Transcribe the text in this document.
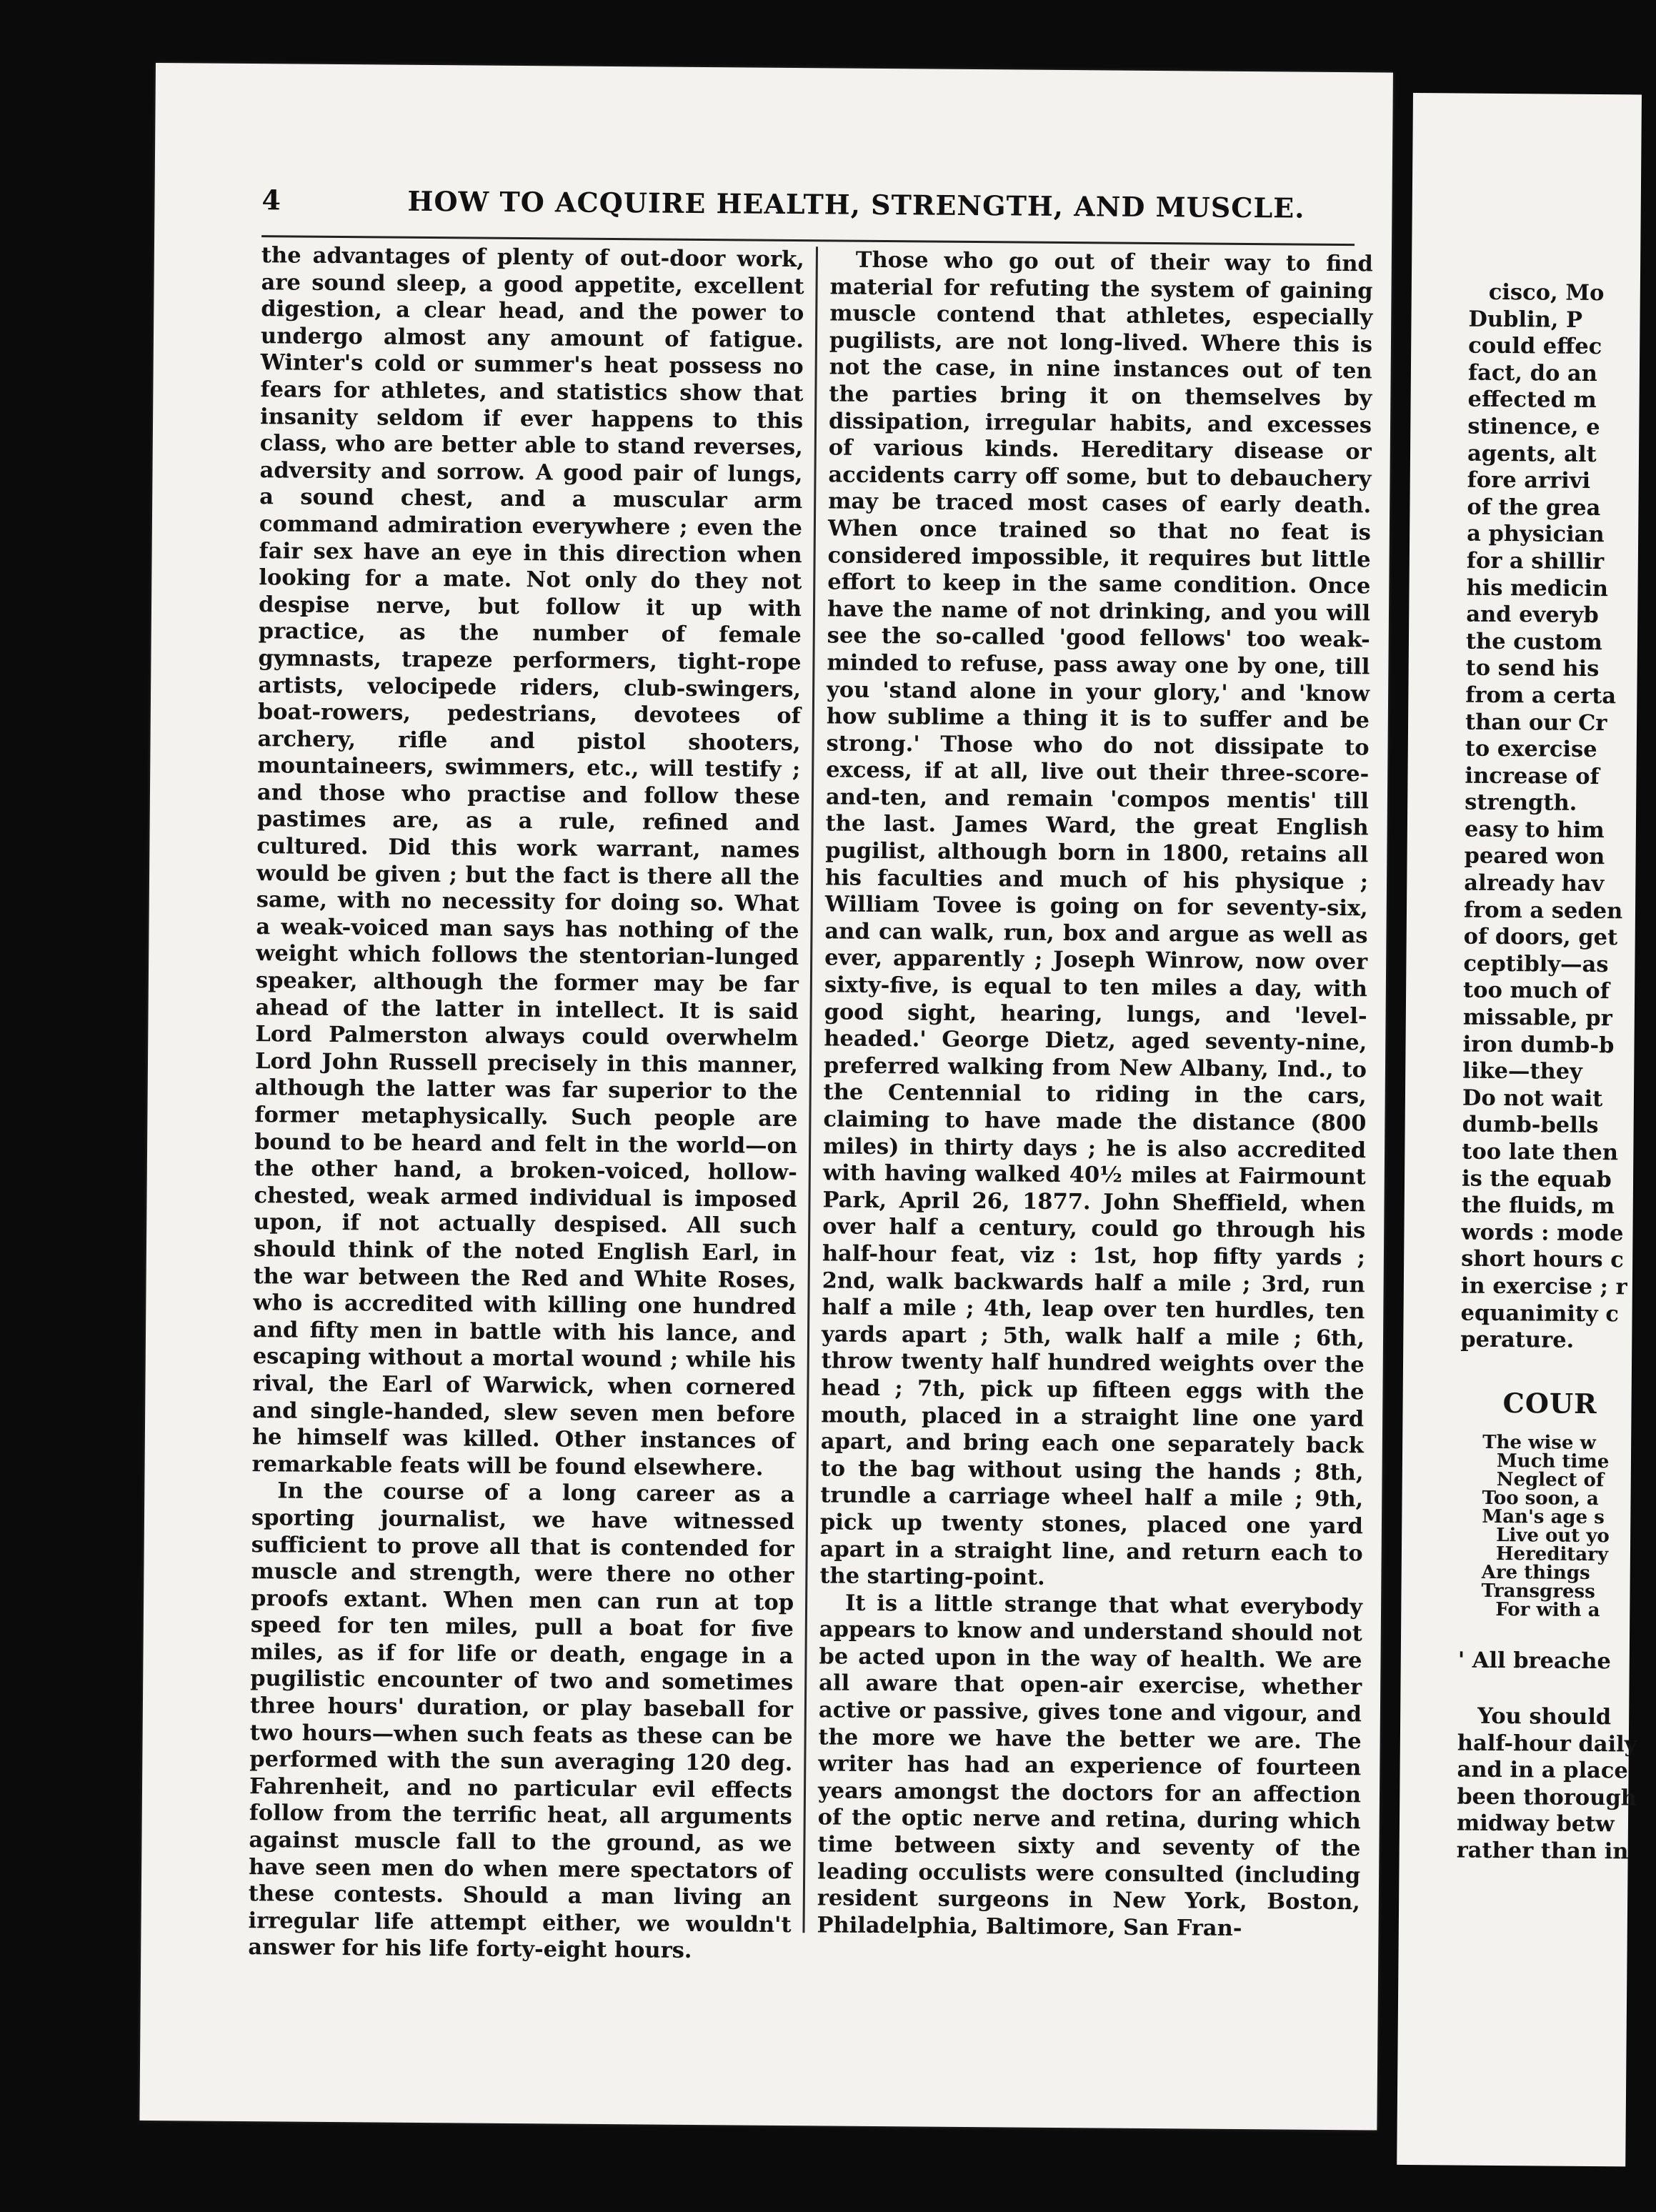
4	HOW TO ACQUIRE HEALTH, STRENGTH, AND MUSCLE.

the advantages of plenty of out-door work, are sound sleep, a good appetite, excellent digestion, a clear head, and the power to undergo almost any amount of fatigue. Winter's cold or summer's heat possess no fears for athletes, and statistics show that insanity seldom if ever happens to this class, who are better able to stand reverses, adversity and sorrow. A good pair of lungs, a sound chest, and a muscular arm command admiration everywhere ; even the fair sex have an eye in this direction when looking for a mate. Not only do they not despise nerve, but follow it up with practice, as the number of female gymnasts, trapeze performers, tight-rope artists, velocipede riders, club-swingers, boat-rowers, pedestrians, devotees of archery, rifle and pistol shooters, mountaineers, swimmers, etc., will testify ; and those who practise and follow these pastimes are, as a rule, refined and cultured. Did this work warrant, names would be given ; but the fact is there all the same, with no necessity for doing so. What a weak-voiced man says has nothing of the weight which follows the stentorian-lunged speaker, although the former may be far ahead of the latter in intellect. It is said Lord Palmerston always could overwhelm Lord John Russell precisely in this manner, although the latter was far superior to the former metaphysically. Such people are bound to be heard and felt in the world—on the other hand, a broken-voiced, hollow-chested, weak armed individual is imposed upon, if not actually despised. All such should think of the noted English Earl, in the war between the Red and White Roses, who is accredited with killing one hundred and fifty men in battle with his lance, and escaping without a mortal wound ; while his rival, the Earl of Warwick, when cornered and single-handed, slew seven men before he himself was killed. Other instances of remarkable feats will be found elsewhere.

In the course of a long career as a sporting journalist, we have witnessed sufficient to prove all that is contended for muscle and strength, were there no other proofs extant. When men can run at top speed for ten miles, pull a boat for five miles, as if for life or death, engage in a pugilistic encounter of two and sometimes three hours' duration, or play baseball for two hours—when such feats as these can be performed with the sun averaging 120 deg. Fahrenheit, and no particular evil effects follow from the terrific heat, all arguments against muscle fall to the ground, as we have seen men do when mere spectators of these contests. Should a man living an irregular life attempt either, we wouldn't answer for his life forty-eight hours.

Those who go out of their way to find material for refuting the system of gaining muscle contend that athletes, especially pugilists, are not long-lived. Where this is not the case, in nine instances out of ten the parties bring it on themselves by dissipation, irregular habits, and excesses of various kinds. Hereditary disease or accidents carry off some, but to debauchery may be traced most cases of early death. When once trained so that no feat is considered impossible, it requires but little effort to keep in the same condition. Once have the name of not drinking, and you will see the so-called 'good fellows' too weak-minded to refuse, pass away one by one, till you 'stand alone in your glory,' and 'know how sublime a thing it is to suffer and be strong.' Those who do not dissipate to excess, if at all, live out their three-score-and-ten, and remain 'compos mentis' till the last. James Ward, the great English pugilist, although born in 1800, retains all his faculties and much of his physique ; William Tovee is going on for seventy-six, and can walk, run, box and argue as well as ever, apparently ; Joseph Winrow, now over sixty-five, is equal to ten miles a day, with good sight, hearing, lungs, and 'level-headed.' George Dietz, aged seventy-nine, preferred walking from New Albany, Ind., to the Centennial to riding in the cars, claiming to have made the distance (800 miles) in thirty days ; he is also accredited with having walked 40½ miles at Fairmount Park, April 26, 1877. John Sheffield, when over half a century, could go through his half-hour feat, viz : 1st, hop fifty yards ; 2nd, walk backwards half a mile ; 3rd, run half a mile ; 4th, leap over ten hurdles, ten yards apart ; 5th, walk half a mile ; 6th, throw twenty half hundred weights over the head ; 7th, pick up fifteen eggs with the mouth, placed in a straight line one yard apart, and bring each one separately back to the bag without using the hands ; 8th, trundle a carriage wheel half a mile ; 9th, pick up twenty stones, placed one yard apart in a straight line, and return each to the starting-point.

It is a little strange that what everybody appears to know and understand should not be acted upon in the way of health. We are all aware that open-air exercise, whether active or passive, gives tone and vigour, and the more we have the better we are. The writer has had an experience of fourteen years amongst the doctors for an affection of the optic nerve and retina, during which time between sixty and seventy of the leading occulists were consulted (including resident surgeons in New York, Boston, Philadelphia, Baltimore, San Fran-

cisco, Mo
Dublin, P
could effec
fact, do an
effected m
stinence, e
agents, alt
fore arrivi
of the grea
a physician
for a shillir
his medicin
and everyb
the custom
to send his
from a certa
than our Cr
to exercise
increase of
strength.
easy to him
peared won
already hav
from a seden
of doors, get
ceptibly—as
too much of
missable, pr
iron dumb-b
like—they
Do not wait
dumb-bells
too late then
is the equab
the fluids, m
words : mode
short hours c
in exercise ; r
equanimity c
perature.
COUR
The wise w
Much time
Neglect of
Too soon, a
Man's age s
Live out yo
Hereditary
Are things
Transgress
For with a
' All breache
You should
half-hour daily
and in a place
been thorough
midway betw
rather than in
